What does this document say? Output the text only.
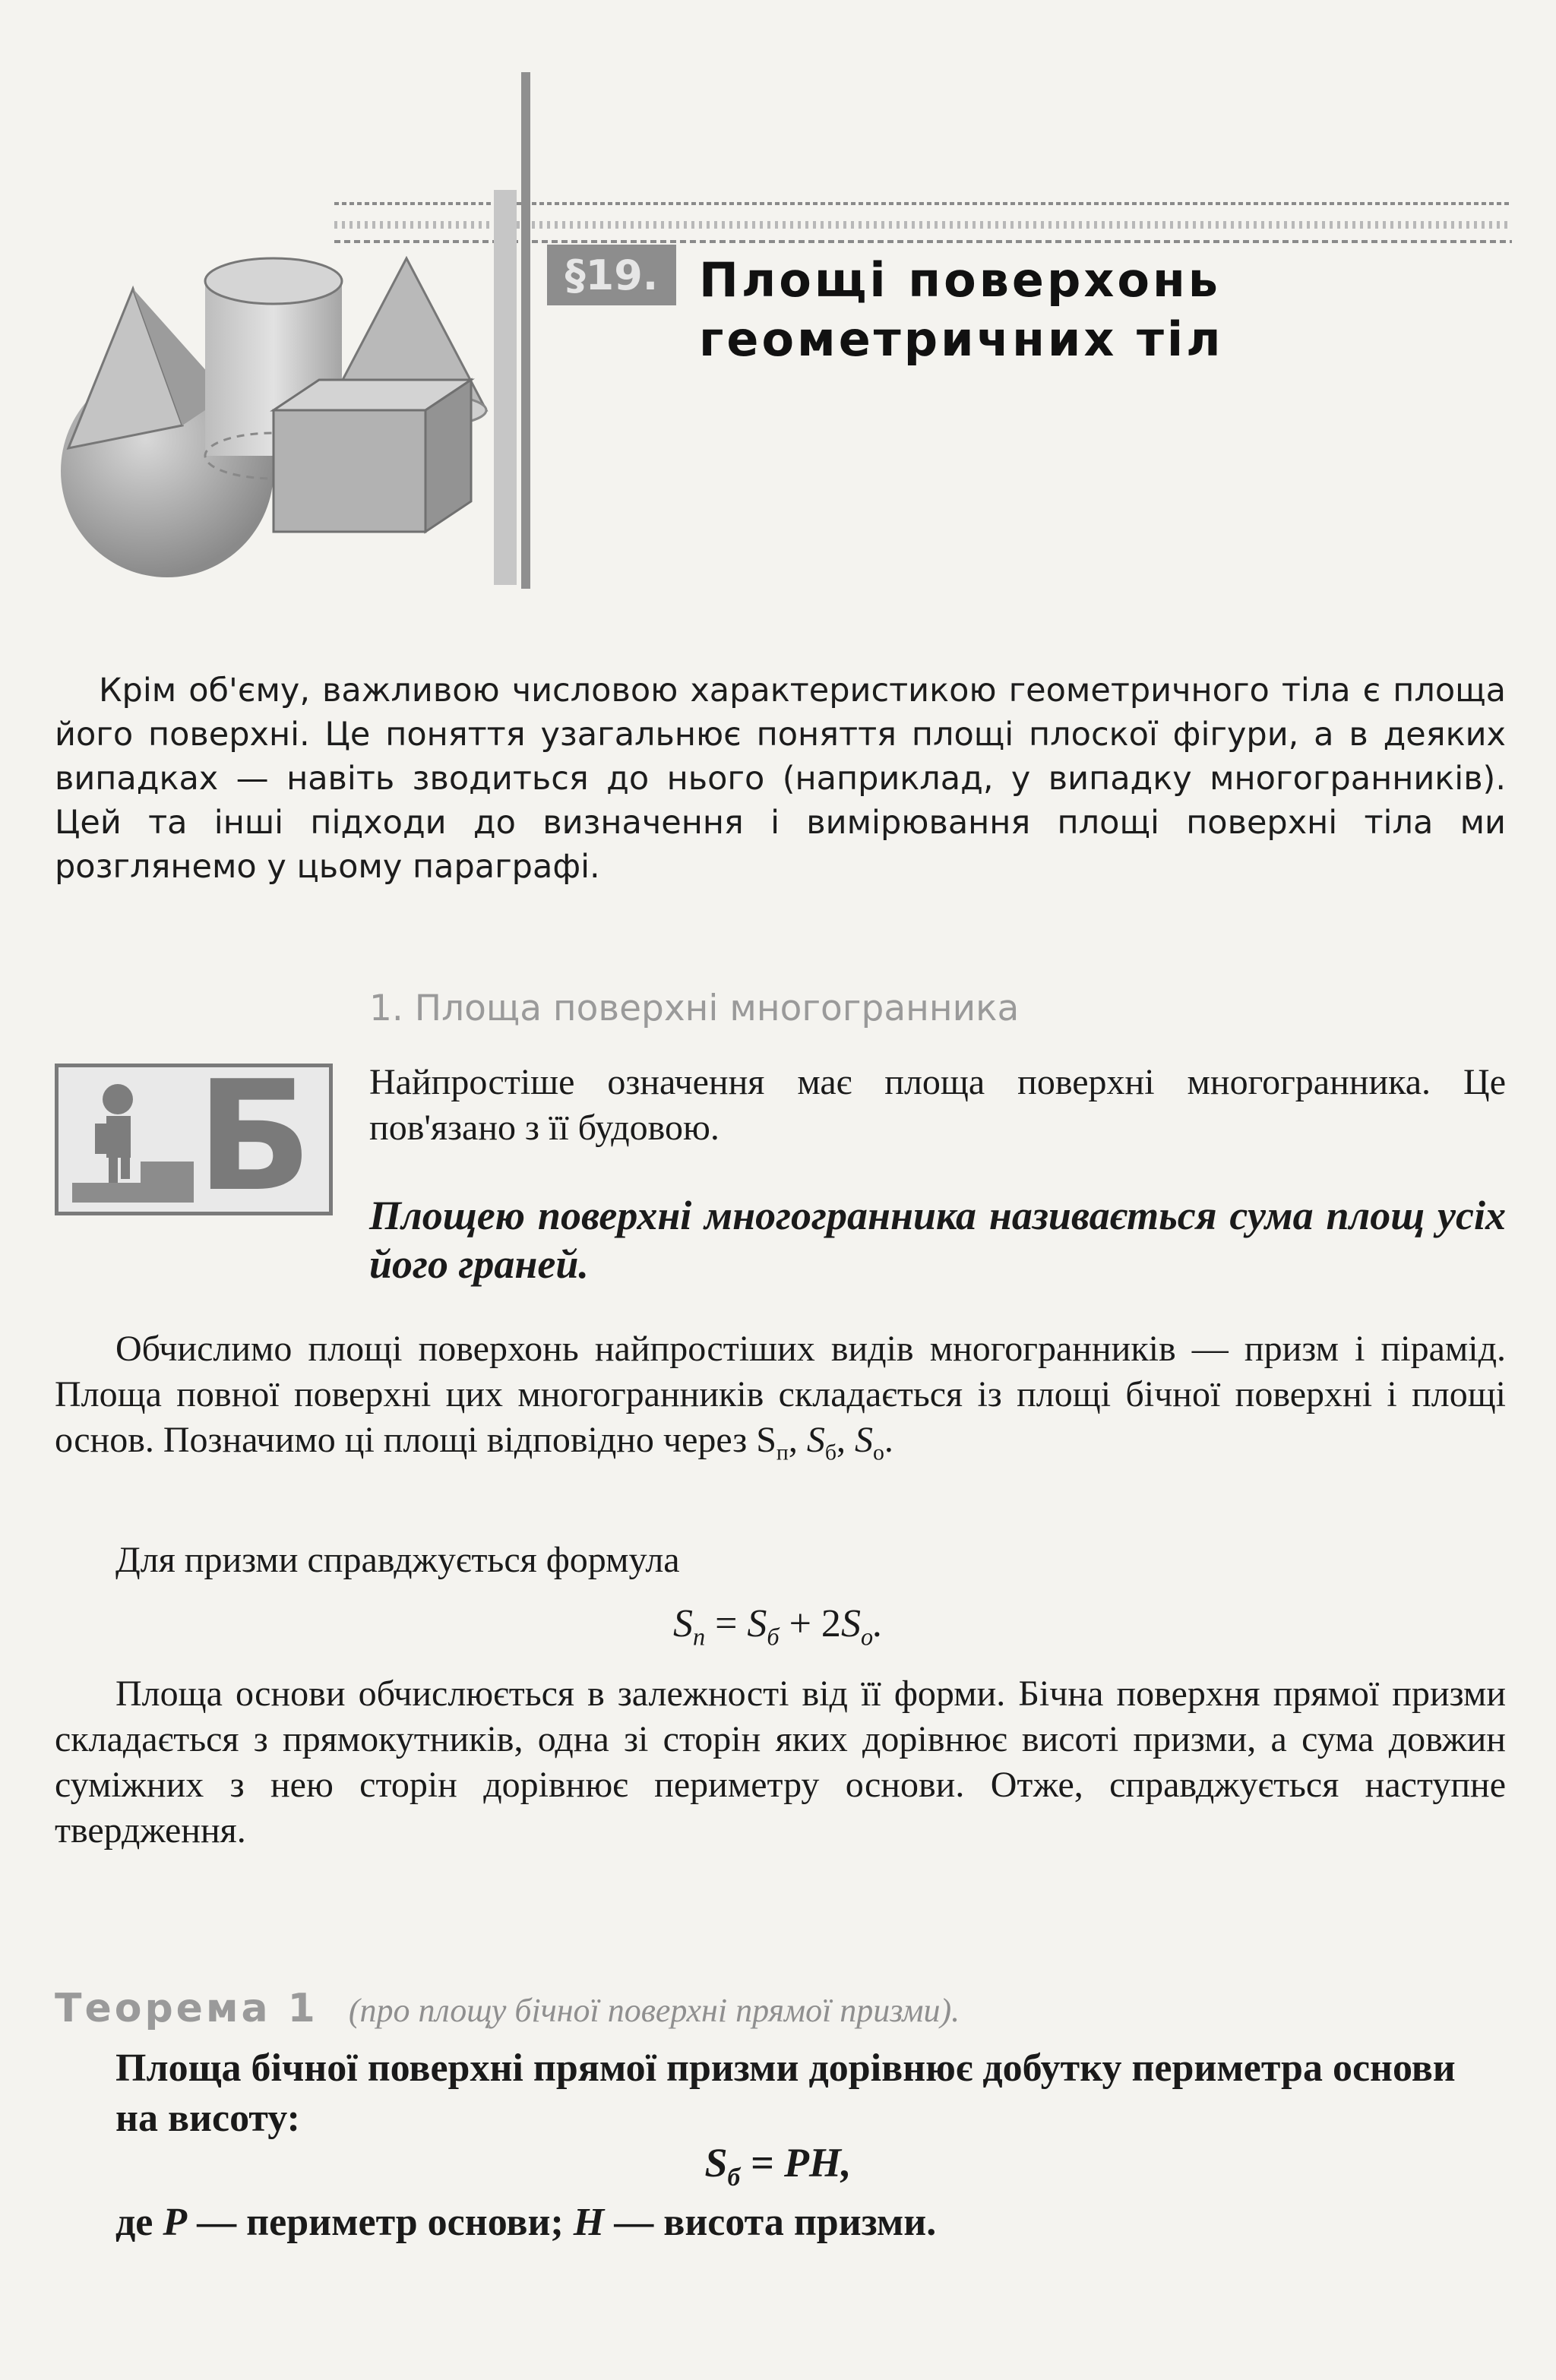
§19. Площі поверхонь
геометричних тіл
Крім об'єму, важливою числовою характеристикою геометричного тіла є площа його поверхні. Це поняття узагальнює поняття площі плоскої фігури, а в деяких випадках — навіть зводиться до нього (наприклад, у випадку многогранників). Цей та інші підходи до визначення і вимірювання площі поверхні тіла ми розглянемо у цьому параграфі.
1. Площа поверхні многогранника
Б Найпростіше означення має площа поверхні многогранника. Це пов'язано з її будовою.
Площею поверхні многогранника називається сума площ усіх його граней.
Обчислимо площі поверхонь найпростіших видів многогранників — призм і пірамід. Площа повної поверхні цих многогранників складається із площі бічної поверхні і площі основ. Позначимо ці площі відповідно через $S_п$, $S_б$, $S_о$.
Для призми справджується формула
$S_п = S_б + 2S_о$.
Площа основи обчислюється в залежності від її форми. Бічна поверхня прямої призми складається з прямокутників, одна зі сторін яких дорівнює висоті призми, а сума довжин суміжних з нею сторін дорівнює периметру основи. Отже, справджується наступне твердження.
Теорема 1 (про площу бічної поверхні прямої призми).
Площа бічної поверхні прямої призми дорівнює добутку периметра основи на висоту:
$S_б$ = PH,
де P — периметр основи; H — висота призми.
